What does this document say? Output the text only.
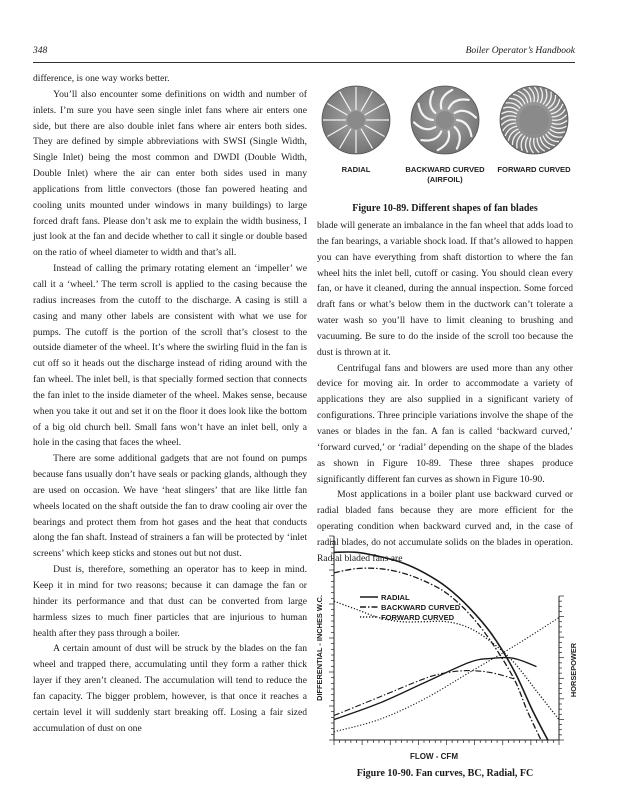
348	Boiler Operator’s Handbook

difference, is one way works better.

You’ll also encounter some definitions on width and number of inlets. I’m sure you have seen single inlet fans where air enters one side, but there are also double inlet fans where air enters both sides. They are defined by simple abbreviations with SWSI (Single Width, Single Inlet) being the most common and DWDI (Double Width, Double Inlet) where the air can enter both sides used in many applications from little convectors (those fan powered heating and cooling units mounted under windows in many buildings) to large forced draft fans. Please don’t ask me to explain the width business, I just look at the fan and decide whether to call it single or double based on the ratio of wheel diameter to width and that’s all.

Instead of calling the primary rotating element an ‘impeller’ we call it a ‘wheel.’ The term scroll is applied to the casing because the radius increases from the cutoff to the discharge. A casing is still a casing and many other labels are consistent with what we use for pumps. The cutoff is the portion of the scroll that’s closest to the outside diameter of the wheel. It’s where the swirling fluid in the fan is cut off so it heads out the discharge instead of riding around with the fan wheel. The inlet bell, is that specially formed section that connects the fan inlet to the inside diameter of the wheel. Makes sense, because when you take it out and set it on the floor it does look like the bottom of a big old church bell. Small fans won’t have an inlet bell, only a hole in the casing that faces the wheel.

There are some additional gadgets that are not found on pumps because fans usually don’t have seals or packing glands, although they are used on occasion. We have ‘heat slingers’ that are like little fan wheels located on the shaft outside the fan to draw cooling air over the bearings and protect them from hot gases and the heat that conducts along the fan shaft. Instead of strainers a fan will be protected by ‘inlet screens’ which keep sticks and stones out but not dust.

Dust is, therefore, something an operator has to keep in mind. Keep it in mind for two reasons; because it can damage the fan or hinder its performance and that dust can be converted from large harmless sizes to much finer particles that are injurious to human health after they pass through a boiler.

A certain amount of dust will be struck by the blades on the fan wheel and trapped there, accumulating until they form a rather thick layer if they aren’t cleaned. The accumulation will tend to reduce the fan capacity. The bigger problem, however, is that once it reaches a certain level it will suddenly start breaking off. Losing a fair sized accumulation of dust on one

RADIAL	BACKWARD CURVED
(AIRFOIL)
FORWARD CURVED
Figure 10-89. Different shapes of fan blades

blade will generate an imbalance in the fan wheel that adds load to the fan bearings, a variable shock load. If that’s allowed to happen you can have everything from shaft distortion to where the fan wheel hits the inlet bell, cutoff or casing. You should clean every fan, or have it cleaned, during the annual inspection. Some forced draft fans or what’s below them in the ductwork can’t tolerate a water wash so you’ll have to limit cleaning to brushing and vacuuming. Be sure to do the inside of the scroll too because the dust is thrown at it.

Centrifugal fans and blowers are used more than any other device for moving air. In order to accommodate a variety of applications they are also supplied in a significant variety of configurations. Three principle variations involve the shape of the vanes or blades in the fan. A fan is called ‘backward curved,’ ‘forward curved,’ or ‘radial’ depending on the shape of the blades as shown in Figure 10-89. These three shapes produce significantly different fan curves as shown in Figure 10-90.

Most applications in a boiler plant use backward curved or radial bladed fans because they are more efficient for the operating condition when backward curved and, in the case of radial blades, do not accumulate solids on the blades in operation. Radial bladed fans are

RADIAL
BACKWARD CURVED
FORWARD CURVED
FLOW - CFM
DIFFERENTIAL - INCHES W.C.	HORSEPOWER
Figure 10-90. Fan curves, BC, Radial, FC
